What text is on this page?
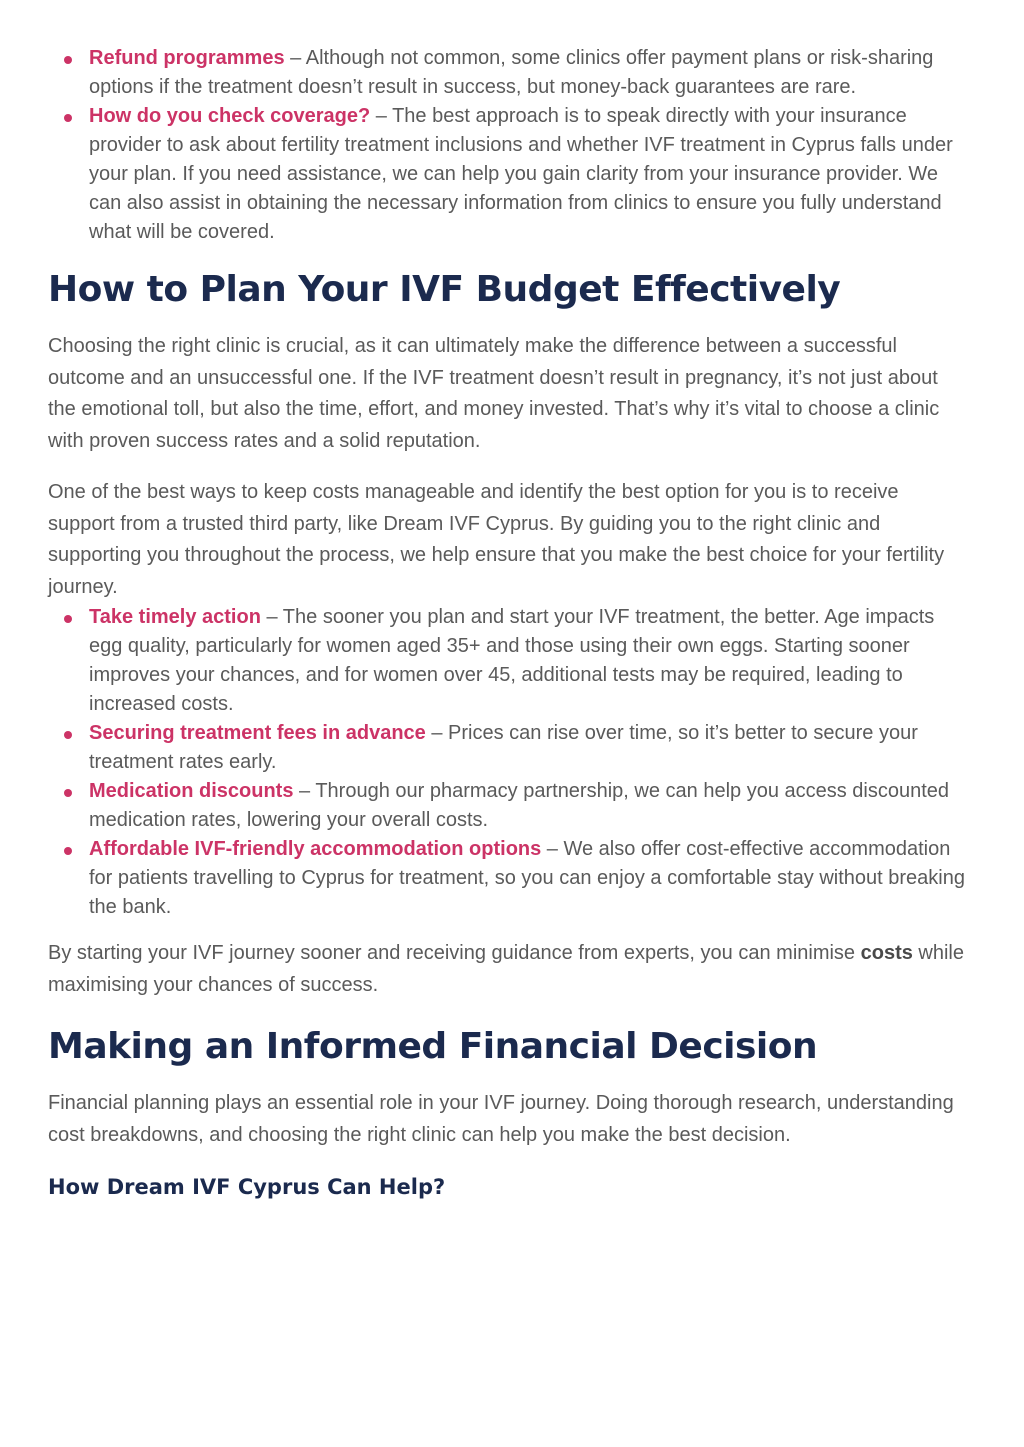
Refund programmes – Although not common, some clinics offer payment plans or risk-sharing options if the treatment doesn’t result in success, but money-back guarantees are rare.
How do you check coverage? – The best approach is to speak directly with your insurance provider to ask about fertility treatment inclusions and whether IVF treatment in Cyprus falls under your plan. If you need assistance, we can help you gain clarity from your insurance provider. We can also assist in obtaining the necessary information from clinics to ensure you fully understand what will be covered.
How to Plan Your IVF Budget Effectively

Choosing the right clinic is crucial, as it can ultimately make the difference between a successful outcome and an unsuccessful one. If the IVF treatment doesn’t result in pregnancy, it’s not just about the emotional toll, but also the time, effort, and money invested. That’s why it’s vital to choose a clinic with proven success rates and a solid reputation.

One of the best ways to keep costs manageable and identify the best option for you is to receive support from a trusted third party, like Dream IVF Cyprus. By guiding you to the right clinic and supporting you throughout the process, we help ensure that you make the best choice for your fertility journey.

Take timely action – The sooner you plan and start your IVF treatment, the better. Age impacts egg quality, particularly for women aged 35+ and those using their own eggs. Starting sooner improves your chances, and for women over 45, additional tests may be required, leading to increased costs.
Securing treatment fees in advance – Prices can rise over time, so it’s better to secure your treatment rates early.
Medication discounts – Through our pharmacy partnership, we can help you access discounted medication rates, lowering your overall costs.
Affordable IVF-friendly accommodation options – We also offer cost-effective accommodation for patients travelling to Cyprus for treatment, so you can enjoy a comfortable stay without breaking the bank.

By starting your IVF journey sooner and receiving guidance from experts, you can minimise costs while maximising your chances of success.

Making an Informed Financial Decision

Financial planning plays an essential role in your IVF journey. Doing thorough research, understanding cost breakdowns, and choosing the right clinic can help you make the best decision.

How Dream IVF Cyprus Can Help?
